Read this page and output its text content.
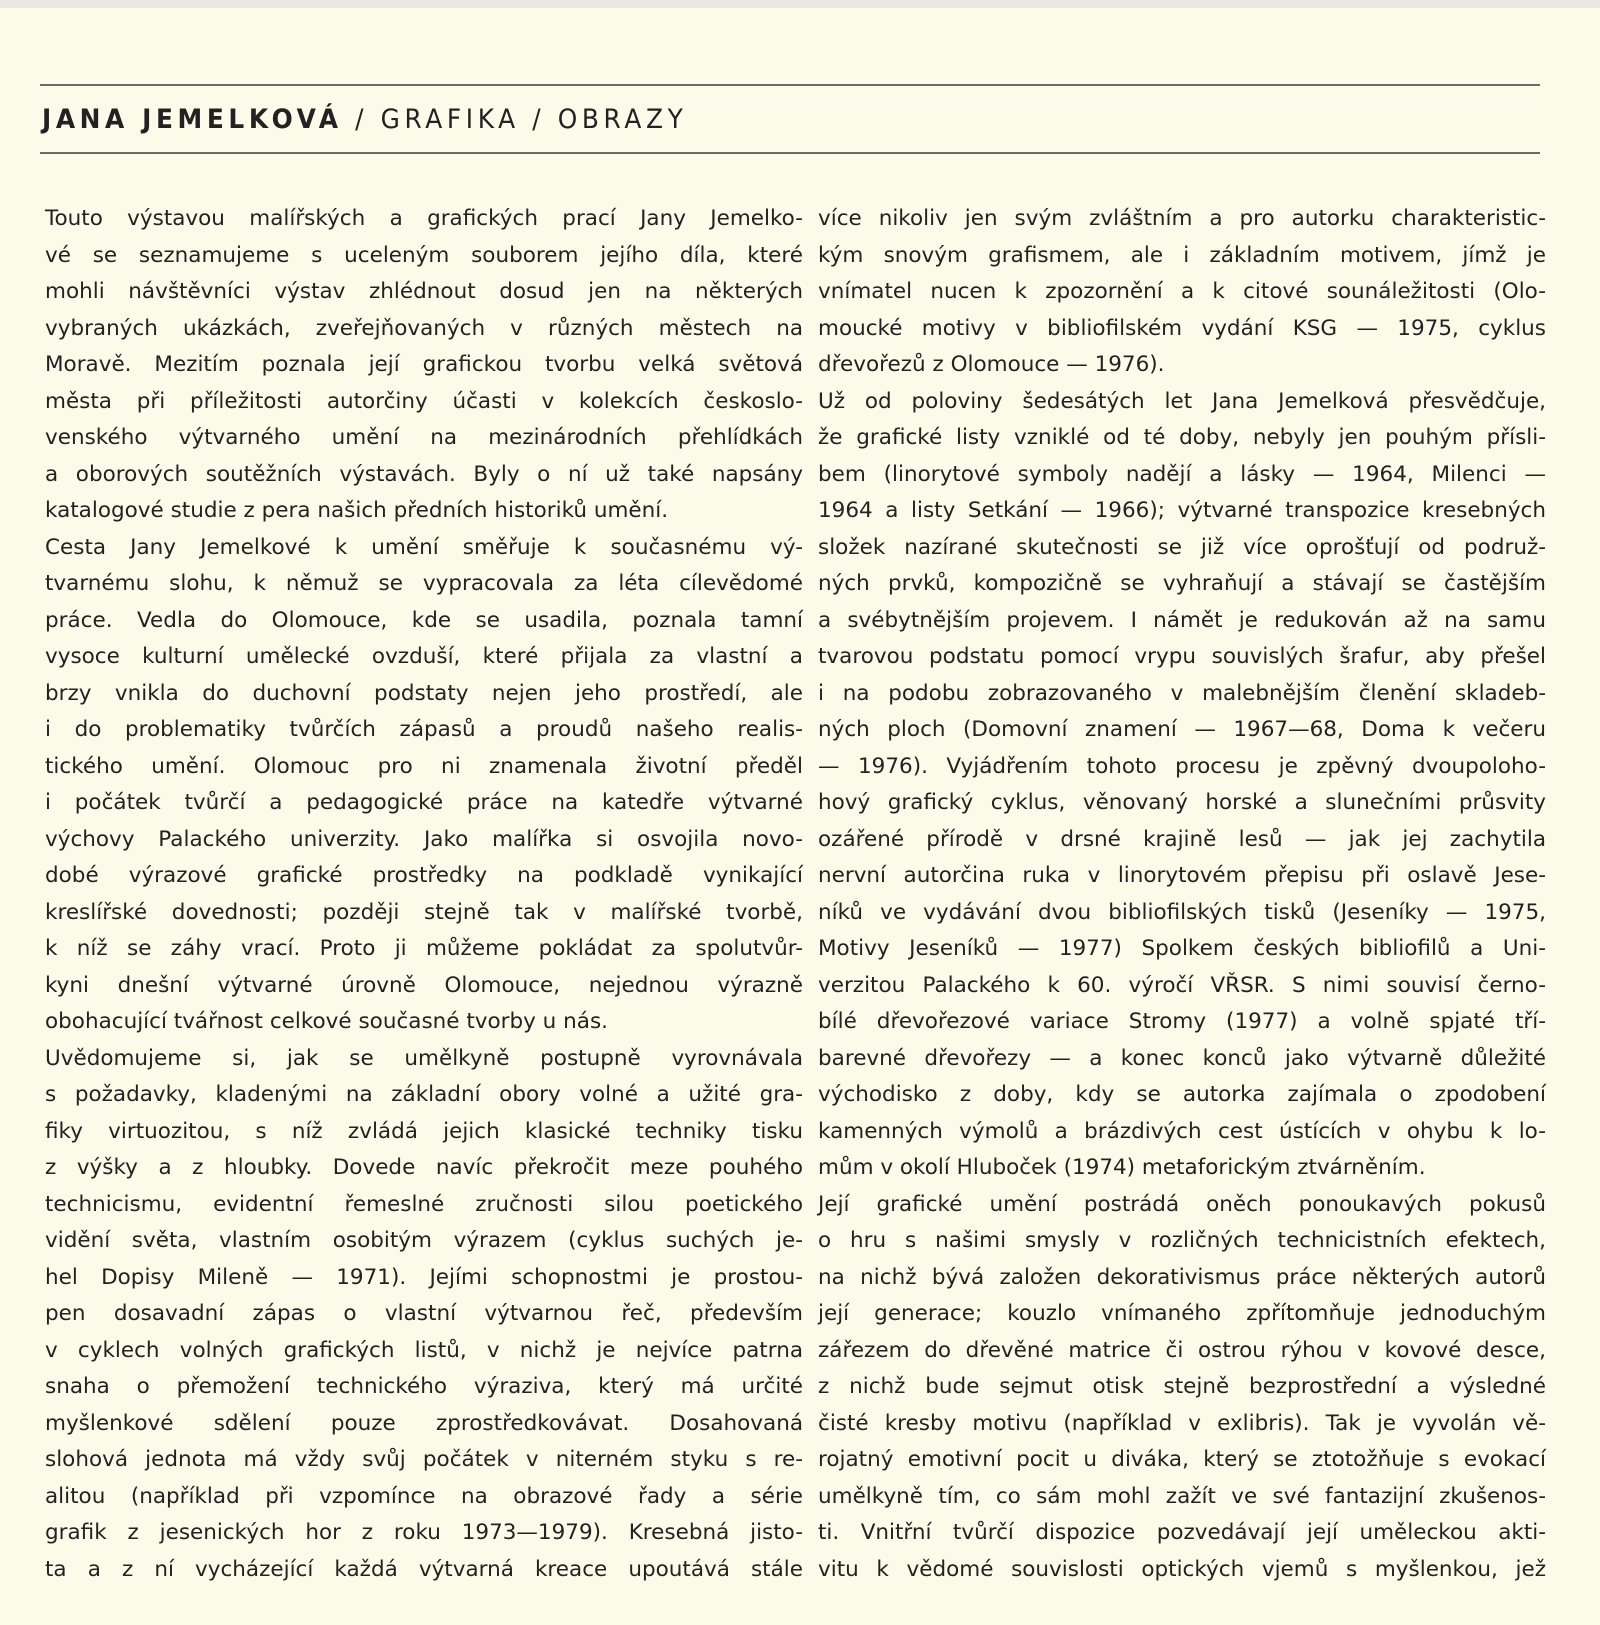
JANA JEMELKOVÁ / GRAFIKA / OBRAZY
Touto výstavou malířských a grafických prací Jany Jemelko-
vé se seznamujeme s uceleným souborem jejího díla, které
mohli návštěvníci výstav zhlédnout dosud jen na některých
vybraných ukázkách, zveřejňovaných v různých městech na
Moravě. Mezitím poznala její grafickou tvorbu velká světová
města při příležitosti autorčiny účasti v kolekcích českoslo-
venského výtvarného umění na mezinárodních přehlídkách
a oborových soutěžních výstavách. Byly o ní už také napsány
katalogové studie z pera našich předních historiků umění.
Cesta Jany Jemelkové k umění směřuje k současnému vý-
tvarnému slohu, k němuž se vypracovala za léta cílevědomé
práce. Vedla do Olomouce, kde se usadila, poznala tamní
vysoce kulturní umělecké ovzduší, které přijala za vlastní a
brzy vnikla do duchovní podstaty nejen jeho prostředí, ale
i do problematiky tvůrčích zápasů a proudů našeho realis-
tického umění. Olomouc pro ni znamenala životní předěl
i počátek tvůrčí a pedagogické práce na katedře výtvarné
výchovy Palackého univerzity. Jako malířka si osvojila novo-
dobé výrazové grafické prostředky na podkladě vynikající
kreslířské dovednosti; později stejně tak v malířské tvorbě,
k níž se záhy vrací. Proto ji můžeme pokládat za spolutvůr-
kyni dnešní výtvarné úrovně Olomouce, nejednou výrazně
obohacující tvářnost celkové současné tvorby u nás.
Uvědomujeme si, jak se umělkyně postupně vyrovnávala
s požadavky, kladenými na základní obory volné a užité gra-
fiky virtuozitou, s níž zvládá jejich klasické techniky tisku
z výšky a z hloubky. Dovede navíc překročit meze pouhého
technicismu, evidentní řemeslné zručnosti silou poetického
vidění světa, vlastním osobitým výrazem (cyklus suchých je-
hel Dopisy Mileně — 1971). Jejími schopnostmi je prostou-
pen dosavadní zápas o vlastní výtvarnou řeč, především
v cyklech volných grafických listů, v nichž je nejvíce patrna
snaha o přemožení technického výraziva, který má určité
myšlenkové sdělení pouze zprostředkovávat. Dosahovaná
slohová jednota má vždy svůj počátek v niterném styku s re-
alitou (například při vzpomínce na obrazové řady a série
grafik z jesenických hor z roku 1973—1979). Kresebná jisto-
ta a z ní vycházející každá výtvarná kreace upoutává stále
více nikoliv jen svým zvláštním a pro autorku charakteristic-
kým snovým grafismem, ale i základním motivem, jímž je
vnímatel nucen k zpozornění a k citové sounáležitosti (Olo-
moucké motivy v bibliofilském vydání KSG — 1975, cyklus
dřevořezů z Olomouce — 1976).
Už od poloviny šedesátých let Jana Jemelková přesvědčuje,
že grafické listy vzniklé od té doby, nebyly jen pouhým přísli-
bem (linorytové symboly nadějí a lásky — 1964, Milenci —
1964 a listy Setkání — 1966); výtvarné transpozice kresebných
složek nazírané skutečnosti se již více oprošťují od podruž-
ných prvků, kompozičně se vyhraňují a stávají se častějším
a svébytnějším projevem. I námět je redukován až na samu
tvarovou podstatu pomocí vrypu souvislých šrafur, aby přešel
i na podobu zobrazovaného v malebnějším členění skladeb-
ných ploch (Domovní znamení — 1967—68, Doma k večeru
— 1976). Vyjádřením tohoto procesu je zpěvný dvoupoloho-
hový grafický cyklus, věnovaný horské a slunečními průsvity
ozářené přírodě v drsné krajině lesů — jak jej zachytila
nervní autorčina ruka v linorytovém přepisu při oslavě Jese-
níků ve vydávání dvou bibliofilských tisků (Jeseníky — 1975,
Motivy Jeseníků — 1977) Spolkem českých bibliofilů a Uni-
verzitou Palackého k 60. výročí VŘSR. S nimi souvisí černo-
bílé dřevořezové variace Stromy (1977) a volně spjaté tří-
barevné dřevořezy — a konec konců jako výtvarně důležité
východisko z doby, kdy se autorka zajímala o zpodobení
kamenných výmolů a brázdivých cest ústících v ohybu k lo-
mům v okolí Hluboček (1974) metaforickým ztvárněním.
Její grafické umění postrádá oněch ponoukavých pokusů
o hru s našimi smysly v rozličných technicistních efektech,
na nichž bývá založen dekorativismus práce některých autorů
její generace; kouzlo vnímaného zpřítomňuje jednoduchým
zářezem do dřevěné matrice či ostrou rýhou v kovové desce,
z nichž bude sejmut otisk stejně bezprostřední a výsledné
čisté kresby motivu (například v exlibris). Tak je vyvolán vě-
rojatný emotivní pocit u diváka, který se ztotožňuje s evokací
umělkyně tím, co sám mohl zažít ve své fantazijní zkušenos-
ti. Vnitřní tvůrčí dispozice pozvedávají její uměleckou akti-
vitu k vědomé souvislosti optických vjemů s myšlenkou, jež
